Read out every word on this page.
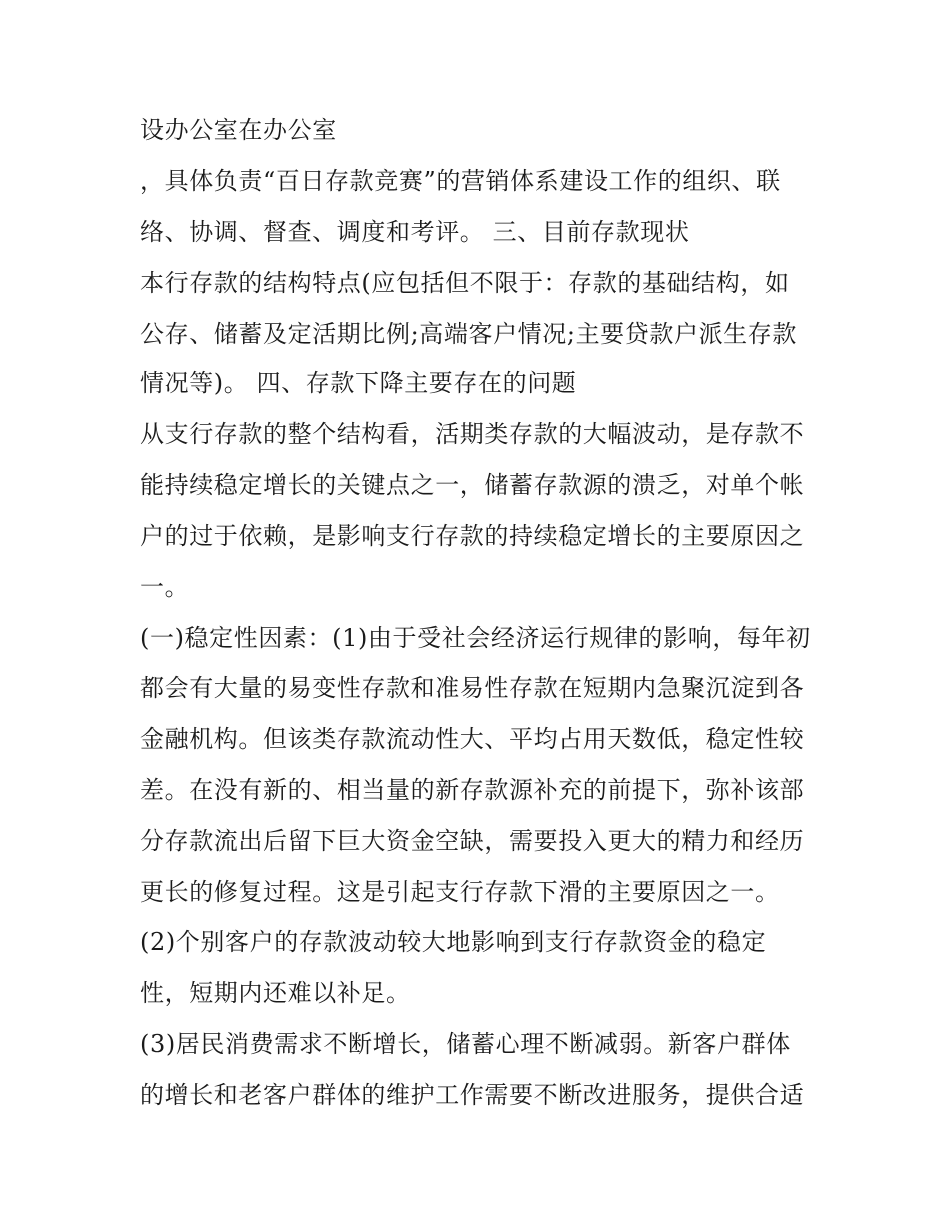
设办公室在办公室
，具体负责“百日存款竞赛”的营销体系建设工作的组织、联
络、协调、督查、调度和考评。 三、目前存款现状
本行存款的结构特点(应包括但不限于：存款的基础结构，如
公存、储蓄及定活期比例;高端客户情况;主要贷款户派生存款
情况等)。 四、存款下降主要存在的问题
从支行存款的整个结构看，活期类存款的大幅波动，是存款不
能持续稳定增长的关键点之一，储蓄存款源的溃乏，对单个帐
户的过于依赖，是影响支行存款的持续稳定增长的主要原因之
一。
(一)稳定性因素：(1)由于受社会经济运行规律的影响，每年初
都会有大量的易变性存款和准易性存款在短期内急聚沉淀到各
金融机构。但该类存款流动性大、平均占用天数低，稳定性较
差。在没有新的、相当量的新存款源补充的前提下，弥补该部
分存款流出后留下巨大资金空缺，需要投入更大的精力和经历
更长的修复过程。这是引起支行存款下滑的主要原因之一。
(2)个别客户的存款波动较大地影响到支行存款资金的稳定
性，短期内还难以补足。
(3)居民消费需求不断增长，储蓄心理不断减弱。新客户群体
的增长和老客户群体的维护工作需要不断改进服务，提供合适
